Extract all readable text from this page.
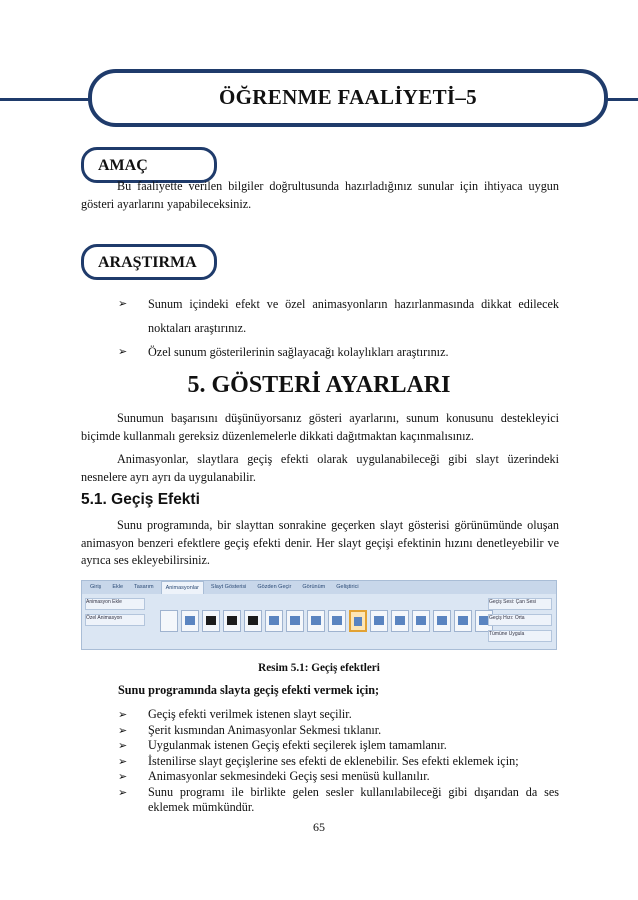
ÖĞRENME FAALİYETİ–5
AMAÇ
Bu faaliyette verilen bilgiler doğrultusunda hazırladığınız sunular için ihtiyaca uygun gösteri ayarlarını yapabileceksiniz.
ARAŞTIRMA
➢ Sunum içindeki efekt ve özel animasyonların hazırlanmasında dikkat edilecek noktaları araştırınız.
➢ Özel sunum gösterilerinin sağlayacağı kolaylıkları araştırınız.
5. GÖSTERİ AYARLARI
Sunumun başarısını düşünüyorsanız gösteri ayarlarını, sunum konusunu destekleyici biçimde kullanmalı gereksiz düzenlemelerle dikkati dağıtmaktan kaçınmalısınız.
Animasyonlar, slaytlara geçiş efekti olarak uygulanabileceği gibi slayt üzerindeki nesnelere ayrı ayrı da uygulanabilir.
5.1. Geçiş Efekti
Sunu programında, bir slayttan sonrakine geçerken slayt gösterisi görünümünde oluşan animasyon benzeri efektlere geçiş efekti denir. Her slayt geçişi efektinin hızını denetleyebilir ve ayrıca ses ekleyebilirsiniz.
Giriş	Ekle	Tasarım	Animasyonlar	Slayt Gösterisi	Gözden Geçir	Görünüm	Geliştirici
Animasyon Ekle
Özel Animasyon
Geçiş Sesi: Çan Sesi
Geçiş Hızı: Orta
Tümüne Uygula
Resim 5.1: Geçiş efektleri
Sunu programında slayta geçiş efekti vermek için;
➢ Geçiş efekti verilmek istenen slayt seçilir.
➢ Şerit kısmından Animasyonlar Sekmesi tıklanır.
➢ Uygulanmak istenen Geçiş efekti seçilerek işlem tamamlanır.
➢ İstenilirse slayt geçişlerine ses efekti de eklenebilir. Ses efekti eklemek için;
➢ Animasyonlar sekmesindeki Geçiş sesi menüsü kullanılır.
➢ Sunu programı ile birlikte gelen sesler kullanılabileceği gibi dışarıdan da ses eklemek mümkündür.
65
